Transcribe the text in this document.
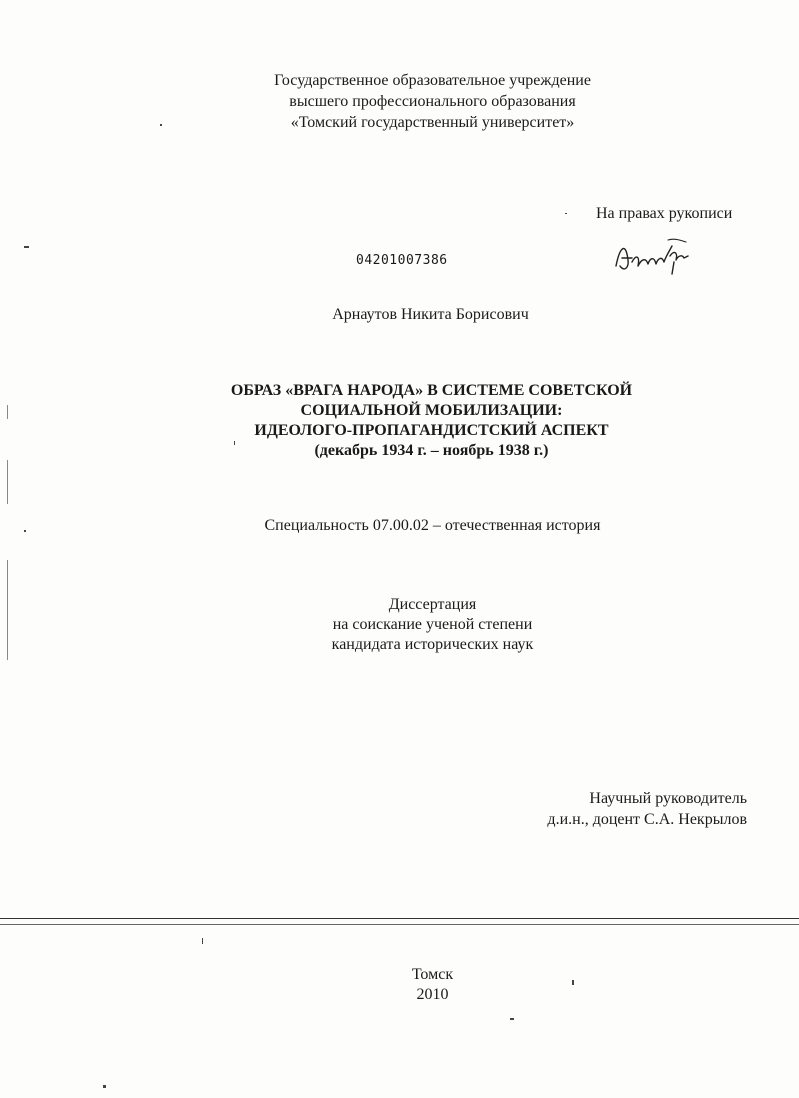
Государственное образовательное учреждение
высшего профессионального образования
«Томский государственный университет»
На правах рукописи
04201007386
Арнаутов Никита Борисович
ОБРАЗ «ВРАГА НАРОДА» В СИСТЕМЕ СОВЕТСКОЙ
СОЦИАЛЬНОЙ МОБИЛИЗАЦИИ:
ИДЕОЛОГО-ПРОПАГАНДИСТСКИЙ АСПЕКТ
(декабрь 1934 г. – ноябрь 1938 г.)
Специальность 07.00.02 – отечественная история
Диссертация
на соискание ученой степени
кандидата исторических наук
Научный руководитель
д.и.н., доцент С.А. Некрылов
Томск
2010
